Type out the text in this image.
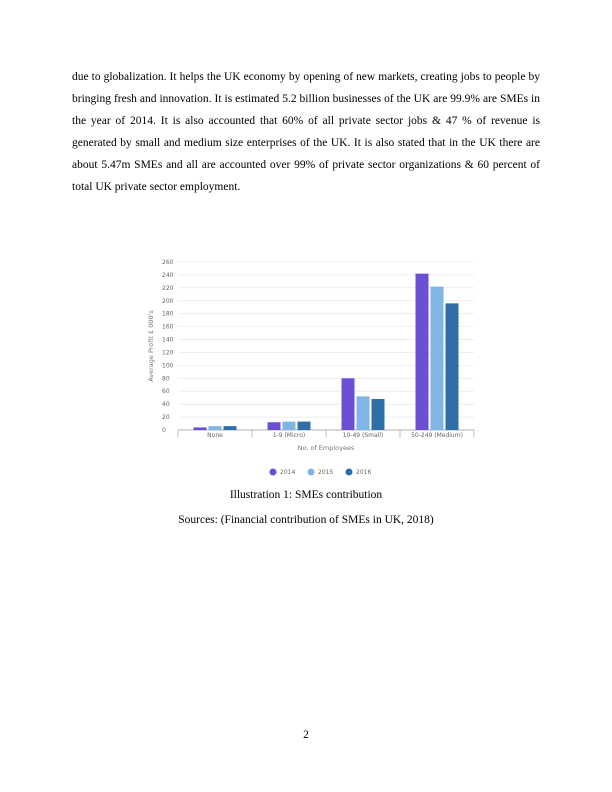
due to globalization. It helps the UK economy by opening of new markets, creating jobs to people by bringing fresh and innovation. It is estimated 5.2 billion businesses of the UK are 99.9% are SMEs in the year of 2014. It is also accounted that 60% of all private sector jobs & 47 % of revenue is generated by small and medium size enterprises of the UK. It is also stated that in the UK there are about 5.47m SMEs and all are accounted over 99% of private sector organizations & 60 percent of total UK private sector employment.

0
20
40
60
80
100
120
140
160
180
200
220
240
260
None	1-9 (Micro)	10-49 (Small)	50-249 (Medium)
Average Profit £ 000's
No. of Employees
2014	2015	2016

Illustration 1: SMEs contribution

Sources: (Financial contribution of SMEs in UK, 2018)

2
